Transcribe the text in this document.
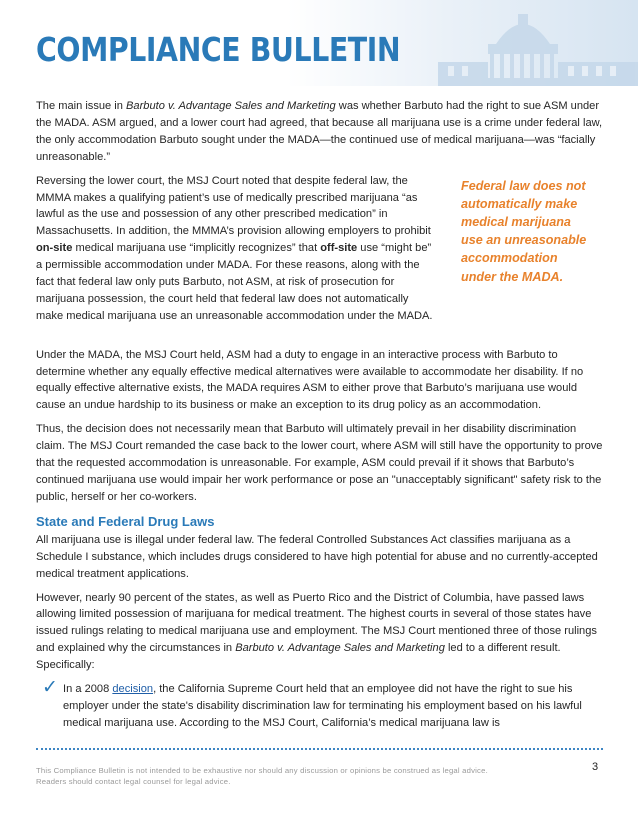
COMPLIANCE BULLETIN

The main issue in Barbuto v. Advantage Sales and Marketing was whether Barbuto had the right to sue ASM under the MADA. ASM argued, and a lower court had agreed, that because all marijuana use is a crime under federal law, the only accommodation Barbuto sought under the MADA—the continued use of medical marijuana—was “facially unreasonable.”

Reversing the lower court, the MSJ Court noted that despite federal law, the MMMA makes a qualifying patient’s use of medically prescribed marijuana “as lawful as the use and possession of any other prescribed medication” in Massachusetts. In addition, the MMMA’s provision allowing employers to prohibit on-site medical marijuana use “implicitly recognizes” that off-site use “might be” a permissible accommodation under MADA. For these reasons, along with the fact that federal law only puts Barbuto, not ASM, at risk of prosecution for marijuana possession, the court held that federal law does not automatically make medical marijuana use an unreasonable accommodation under the MADA.

Federal law does not automatically make medical marijuana use an unreasonable accommodation under the MADA.

Under the MADA, the MSJ Court held, ASM had a duty to engage in an interactive process with Barbuto to determine whether any equally effective medical alternatives were available to accommodate her disability. If no equally effective alternative exists, the MADA requires ASM to either prove that Barbuto’s marijuana use would cause an undue hardship to its business or make an exception to its drug policy as an accommodation.

Thus, the decision does not necessarily mean that Barbuto will ultimately prevail in her disability discrimination claim. The MSJ Court remanded the case back to the lower court, where ASM will still have the opportunity to prove that the requested accommodation is unreasonable. For example, ASM could prevail if it shows that Barbuto’s continued marijuana use would impair her work performance or pose an "unacceptably significant" safety risk to the public, herself or her co-workers.

State and Federal Drug Laws

All marijuana use is illegal under federal law. The federal Controlled Substances Act classifies marijuana as a Schedule I substance, which includes drugs considered to have high potential for abuse and no currently-accepted medical treatment applications.

However, nearly 90 percent of the states, as well as Puerto Rico and the District of Columbia, have passed laws allowing limited possession of marijuana for medical treatment. The highest courts in several of those states have issued rulings relating to medical marijuana use and employment. The MSJ Court mentioned three of those rulings and explained why the circumstances in Barbuto v. Advantage Sales and Marketing led to a different result. Specifically:

✓ In a 2008 decision, the California Supreme Court held that an employee did not have the right to sue his employer under the state's disability discrimination law for terminating his employment based on his lawful medical marijuana use. According to the MSJ Court, California’s medical marijuana law is
This Compliance Bulletin is not intended to be exhaustive nor should any discussion or opinions be construed as legal advice.
Readers should contact legal counsel for legal advice.
3
